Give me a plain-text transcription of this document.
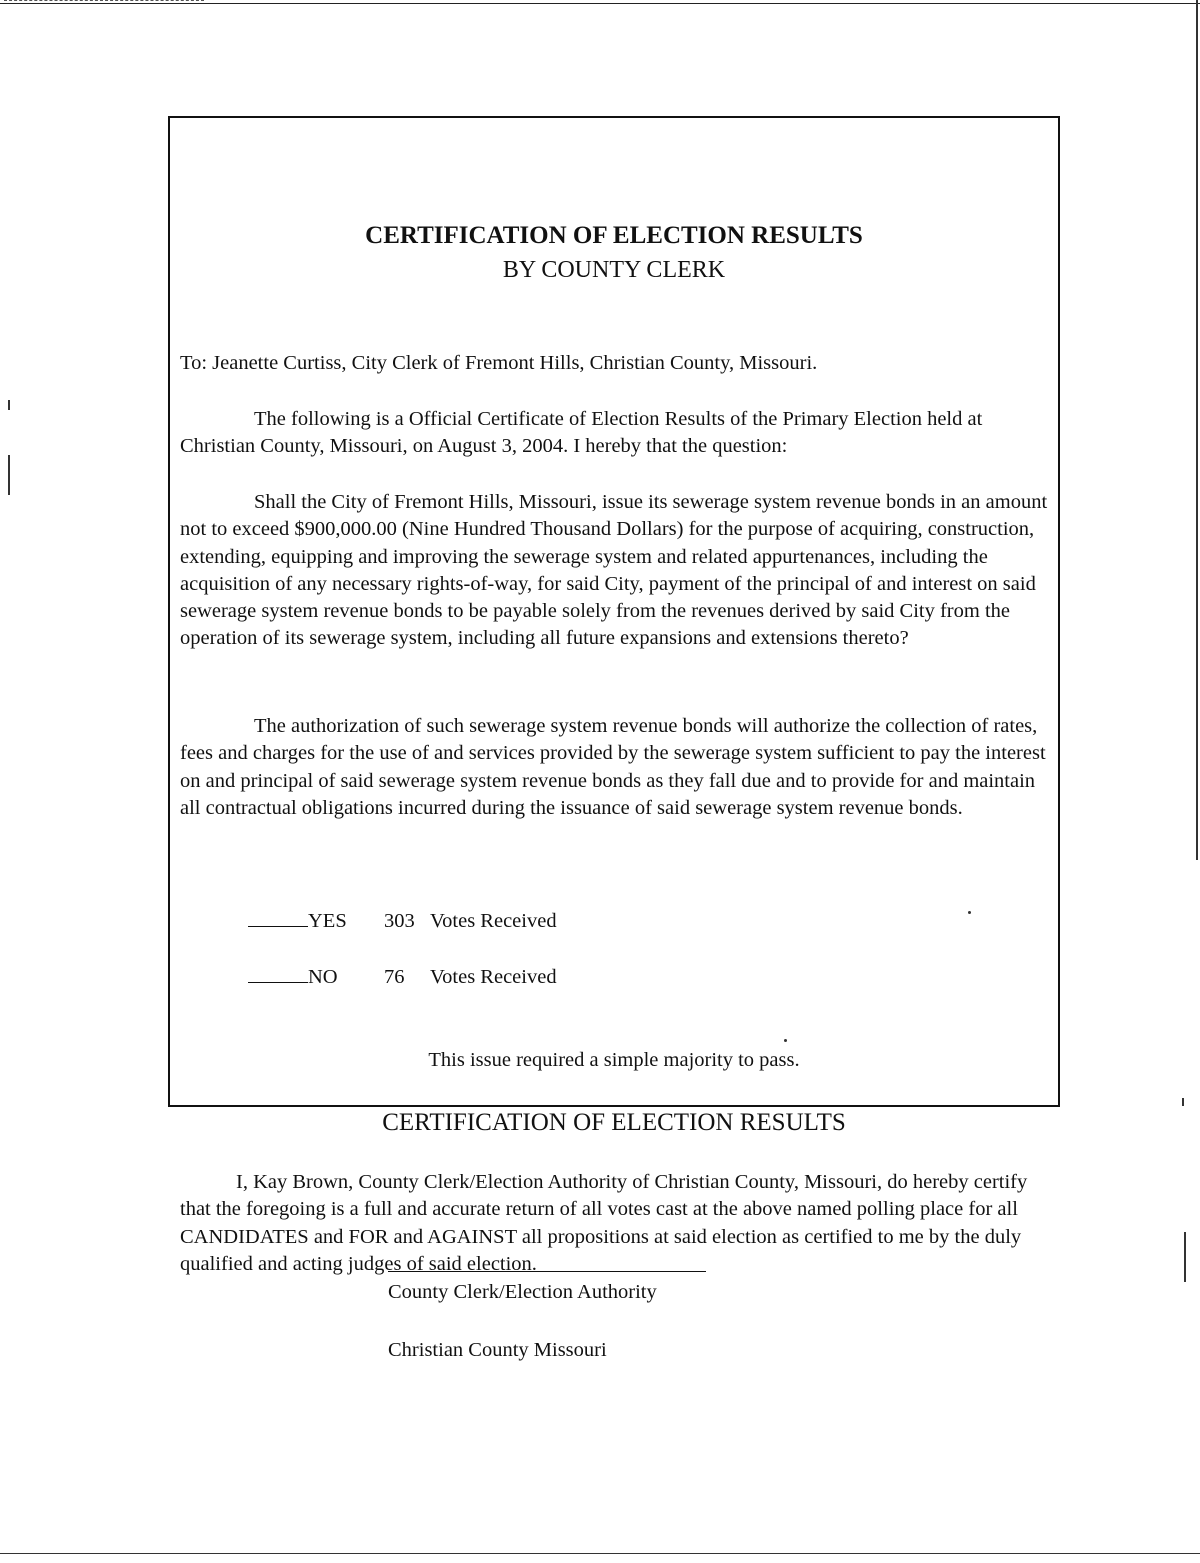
CERTIFICATION OF ELECTION RESULTS
BY COUNTY CLERK

To: Jeanette Curtiss, City Clerk of Fremont Hills, Christian County, Missouri.

The following is a Official Certificate of Election Results of the Primary Election held at Christian County, Missouri, on August 3, 2004. I hereby that the question:

Shall the City of Fremont Hills, Missouri, issue its sewerage system revenue bonds in an amount not to exceed $900,000.00 (Nine Hundred Thousand Dollars) for the purpose of acquiring, construction, extending, equipping and improving the sewerage system and related appurtenances, including the acquisition of any necessary rights-of-way, for said City, payment of the principal of and interest on said sewerage system revenue bonds to be payable solely from the revenues derived by said City from the operation of its sewerage system, including all future expansions and extensions thereto?

The authorization of such sewerage system revenue bonds will authorize the collection of rates, fees and charges for the use of and services provided by the sewerage system sufficient to pay the interest on and principal of said sewerage system revenue bonds as they fall due and to provide for and maintain all contractual obligations incurred during the issuance of said sewerage system revenue bonds.

YES 303 Votes Received
NO 76 Votes Received
This issue required a simple majority to pass.
CERTIFICATION OF ELECTION RESULTS

I, Kay Brown, County Clerk/Election Authority of Christian County, Missouri, do hereby certify that the foregoing is a full and accurate return of all votes cast at the above named polling place for all CANDIDATES and FOR and AGAINST all propositions at said election as certified to me by the duly qualified and acting judges of said election.

County Clerk/Election Authority
Christian County Missouri
